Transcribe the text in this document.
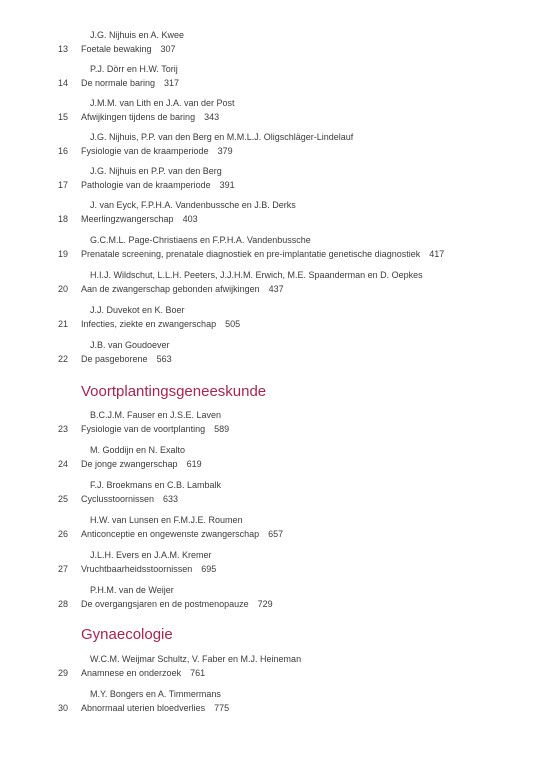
J.G. Nijhuis en A. Kwee
13	Foetale bewaking 307
P.J. Dörr en H.W. Torij
14	De normale baring 317
J.M.M. van Lith en J.A. van der Post
15	Afwijkingen tijdens de baring 343
J.G. Nijhuis, P.P. van den Berg en M.M.L.J. Oligschläger-Lindelauf
16	Fysiologie van de kraamperiode 379
J.G. Nijhuis en P.P. van den Berg
17	Pathologie van de kraamperiode 391
J. van Eyck, F.P.H.A. Vandenbussche en J.B. Derks
18	Meerlingzwangerschap 403
G.C.M.L. Page-Christiaens en F.P.H.A. Vandenbussche
19	Prenatale screening, prenatale diagnostiek en pre-implantatie genetische diagnostiek 417
H.I.J. Wildschut, L.L.H. Peeters, J.J.H.M. Erwich, M.E. Spaanderman en D. Oepkes
20	Aan de zwangerschap gebonden afwijkingen 437
J.J. Duvekot en K. Boer
21	Infecties, ziekte en zwangerschap 505
J.B. van Goudoever
22	De pasgeborene 563
Voortplantingsgeneeskunde
B.C.J.M. Fauser en J.S.E. Laven
23	Fysiologie van de voortplanting 589
M. Goddijn en N. Exalto
24	De jonge zwangerschap 619
F.J. Broekmans en C.B. Lambalk
25	Cyclusstoornissen 633
H.W. van Lunsen en F.M.J.E. Roumen
26	Anticonceptie en ongewenste zwangerschap 657
J.L.H. Evers en J.A.M. Kremer
27	Vruchtbaarheidsstoornissen 695
P.H.M. van de Weijer
28	De overgangsjaren en de postmenopauze 729
Gynaecologie
W.C.M. Weijmar Schultz, V. Faber en M.J. Heineman
29	Anamnese en onderzoek 761
M.Y. Bongers en A. Timmermans
30	Abnormaal uterien bloedverlies 775
